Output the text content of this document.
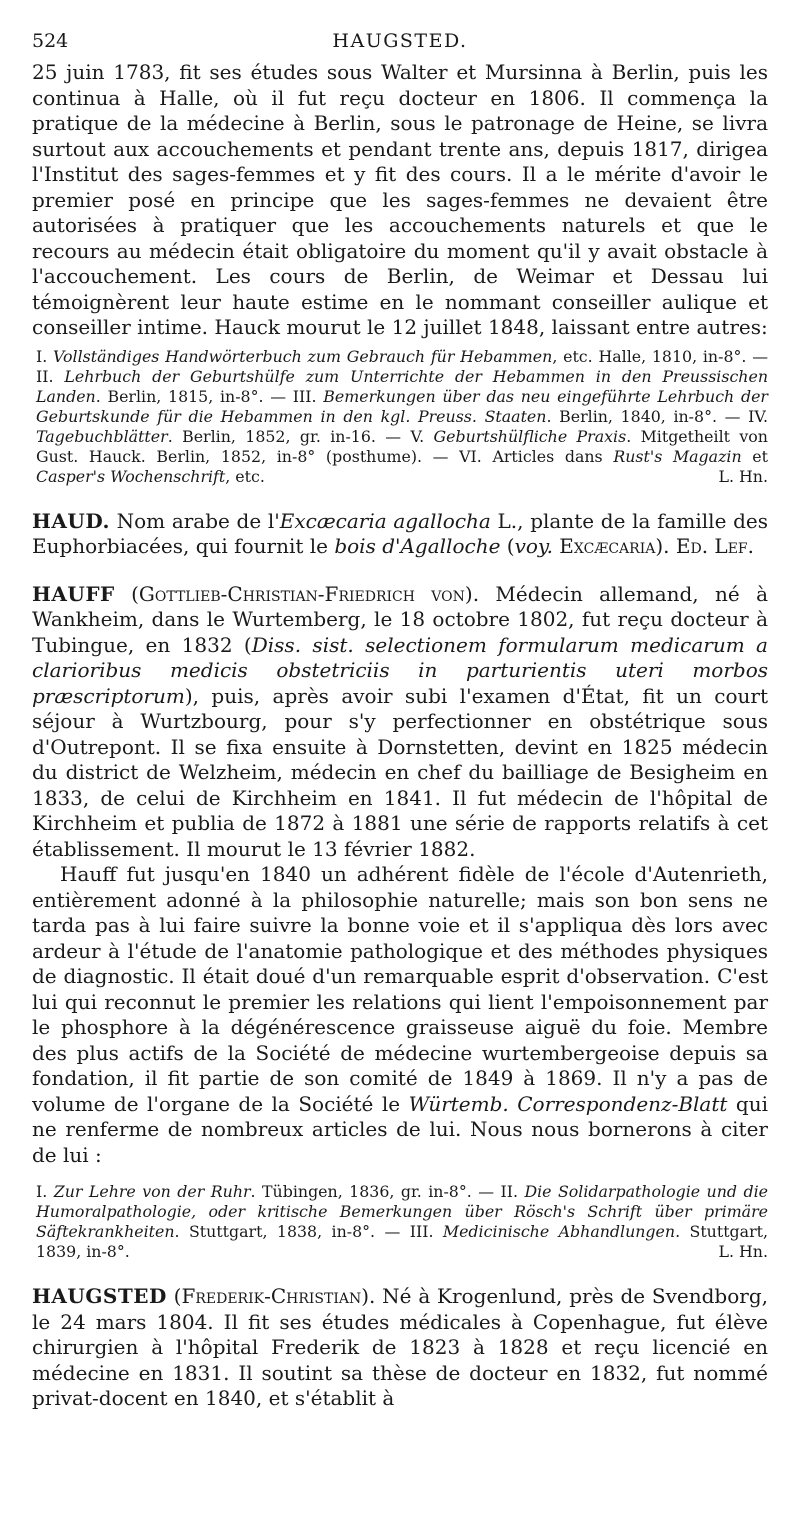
524	HAUGSTED.

25 juin 1783, fit ses études sous Walter et Mursinna à Berlin, puis les continua à Halle, où il fut reçu docteur en 1806. Il commença la pratique de la médecine à Berlin, sous le patronage de Heine, se livra surtout aux accouchements et pendant trente ans, depuis 1817, dirigea l'Institut des sages-femmes et y fit des cours. Il a le mérite d'avoir le premier posé en principe que les sages-femmes ne devaient être autorisées à pratiquer que les accouchements naturels et que le recours au médecin était obligatoire du moment qu'il y avait obstacle à l'accouchement. Les cours de Berlin, de Weimar et Dessau lui témoignèrent leur haute estime en le nommant conseiller aulique et conseiller intime. Hauck mourut le 12 juillet 1848, laissant entre autres:

I. Vollständiges Handwörterbuch zum Gebrauch für Hebammen, etc. Halle, 1810, in-8°. — II. Lehrbuch der Geburtshülfe zum Unterrichte der Hebammen in den Preussischen Landen. Berlin, 1815, in-8°. — III. Bemerkungen über das neu eingeführte Lehrbuch der Geburtskunde für die Hebammen in den kgl. Preuss. Staaten. Berlin, 1840, in-8°. — IV. Tagebuchblätter. Berlin, 1852, gr. in-16. — V. Geburtshülfliche Praxis. Mitgetheilt von Gust. Hauck. Berlin, 1852, in-8° (posthume). — VI. Articles dans Rust's Magazin et Casper's Wochenschrift, etc.	L. Hn.

HAUD. Nom arabe de l'Excæcaria agallocha L., plante de la famille des Euphorbiacées, qui fournit le bois d'Agalloche (voy. Excæcaria). Ed. Lef.

HAUFF (Gottlieb-Christian-Friedrich von). Médecin allemand, né à Wankheim, dans le Wurtemberg, le 18 octobre 1802, fut reçu docteur à Tubingue, en 1832 (Diss. sist. selectionem formularum medicarum a clarioribus medicis obstetriciis in parturientis uteri morbos præscriptorum), puis, après avoir subi l'examen d'État, fit un court séjour à Wurtzbourg, pour s'y perfectionner en obstétrique sous d'Outrepont. Il se fixa ensuite à Dornstetten, devint en 1825 médecin du district de Welzheim, médecin en chef du bailliage de Besigheim en 1833, de celui de Kirchheim en 1841. Il fut médecin de l'hôpital de Kirchheim et publia de 1872 à 1881 une série de rapports relatifs à cet établissement. Il mourut le 13 février 1882.

Hauff fut jusqu'en 1840 un adhérent fidèle de l'école d'Autenrieth, entièrement adonné à la philosophie naturelle; mais son bon sens ne tarda pas à lui faire suivre la bonne voie et il s'appliqua dès lors avec ardeur à l'étude de l'anatomie pathologique et des méthodes physiques de diagnostic. Il était doué d'un remarquable esprit d'observation. C'est lui qui reconnut le premier les relations qui lient l'empoisonnement par le phosphore à la dégénérescence graisseuse aiguë du foie. Membre des plus actifs de la Société de médecine wurtembergeoise depuis sa fondation, il fit partie de son comité de 1849 à 1869. Il n'y a pas de volume de l'organe de la Société le Würtemb. Correspondenz-Blatt qui ne renferme de nombreux articles de lui. Nous nous bornerons à citer de lui :

I. Zur Lehre von der Ruhr. Tübingen, 1836, gr. in-8°. — II. Die Solidarpathologie und die Humoralpathologie, oder kritische Bemerkungen über Rösch's Schrift über primäre Säftekrankheiten. Stuttgart, 1838, in-8°. — III. Medicinische Abhandlungen. Stuttgart, 1839, in-8°.	L. Hn.

HAUGSTED (Frederik-Christian). Né à Krogenlund, près de Svendborg, le 24 mars 1804. Il fit ses études médicales à Copenhague, fut élève chirurgien à l'hôpital Frederik de 1823 à 1828 et reçu licencié en médecine en 1831. Il soutint sa thèse de docteur en 1832, fut nommé privat-docent en 1840, et s'établit à
